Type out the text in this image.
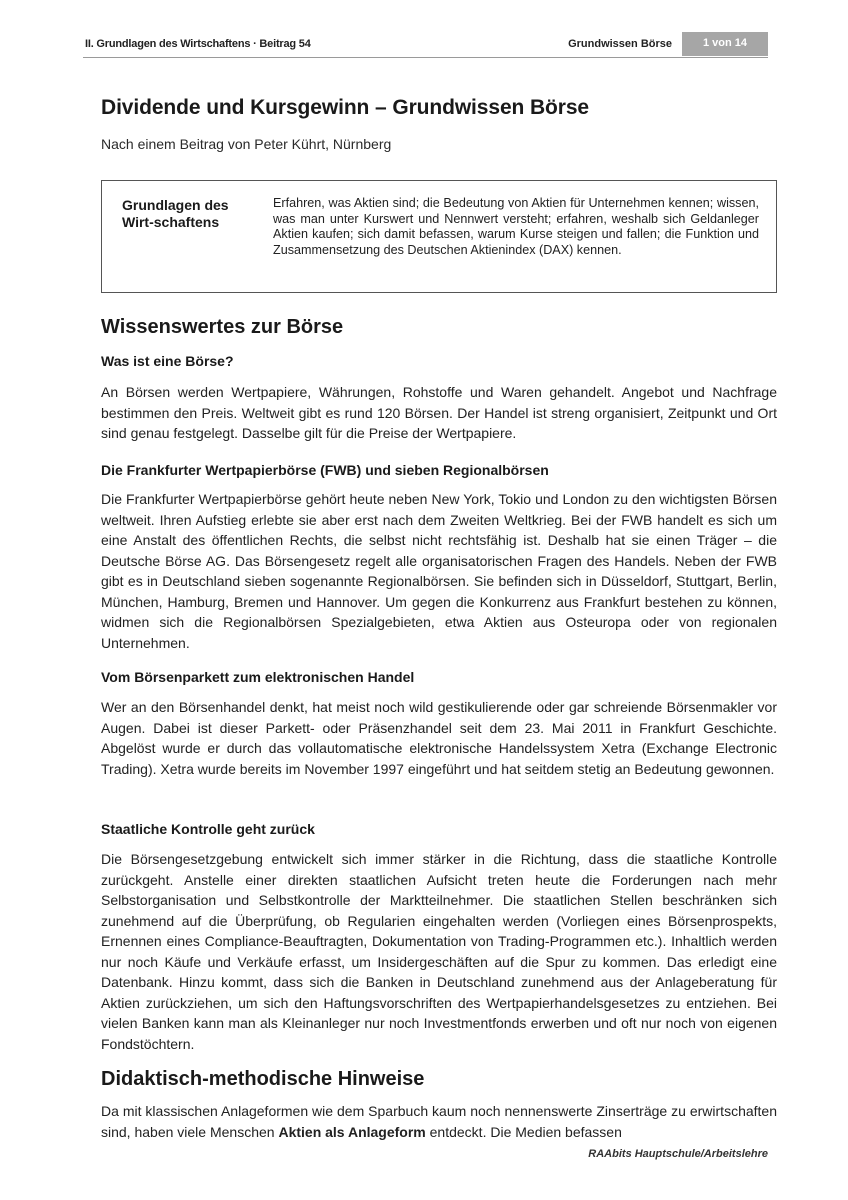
II. Grundlagen des Wirtschaftens · Beitrag 54	Grundwissen Börse	1 von 14
Dividende und Kursgewinn – Grundwissen Börse
Nach einem Beitrag von Peter Kührt, Nürnberg
Grundlagen des Wirt-schaftens
Erfahren, was Aktien sind; die Bedeutung von Aktien für Unternehmen kennen; wissen, was man unter Kurswert und Nennwert versteht; erfahren, weshalb sich Geldanleger Aktien kaufen; sich damit befassen, warum Kurse steigen und fallen; die Funktion und Zusammensetzung des Deutschen Aktienindex (DAX) kennen.
Wissenswertes zur Börse
Was ist eine Börse?

An Börsen werden Wertpapiere, Währungen, Rohstoffe und Waren gehandelt. Angebot und Nachfrage bestimmen den Preis. Weltweit gibt es rund 120 Börsen. Der Handel ist streng organisiert, Zeitpunkt und Ort sind genau festgelegt. Dasselbe gilt für die Preise der Wertpapiere.

Die Frankfurter Wertpapierbörse (FWB) und sieben Regionalbörsen

Die Frankfurter Wertpapierbörse gehört heute neben New York, Tokio und London zu den wichtigsten Börsen weltweit. Ihren Aufstieg erlebte sie aber erst nach dem Zweiten Weltkrieg. Bei der FWB handelt es sich um eine Anstalt des öffentlichen Rechts, die selbst nicht rechtsfähig ist. Deshalb hat sie einen Träger – die Deutsche Börse AG. Das Börsengesetz regelt alle organisatorischen Fragen des Handels. Neben der FWB gibt es in Deutschland sieben sogenannte Regionalbörsen. Sie befinden sich in Düsseldorf, Stuttgart, Berlin, München, Hamburg, Bremen und Hannover. Um gegen die Konkurrenz aus Frankfurt bestehen zu können, widmen sich die Regionalbörsen Spezialgebieten, etwa Aktien aus Osteuropa oder von regionalen Unternehmen.

Vom Börsenparkett zum elektronischen Handel

Wer an den Börsenhandel denkt, hat meist noch wild gestikulierende oder gar schreiende Börsenmakler vor Augen. Dabei ist dieser Parkett- oder Präsenzhandel seit dem 23. Mai 2011 in Frankfurt Geschichte. Abgelöst wurde er durch das vollautomatische elektronische Handelssystem Xetra (Exchange Electronic Trading). Xetra wurde bereits im November 1997 eingeführt und hat seitdem stetig an Bedeutung gewonnen.

Staatliche Kontrolle geht zurück

Die Börsengesetzgebung entwickelt sich immer stärker in die Richtung, dass die staatliche Kontrolle zurückgeht. Anstelle einer direkten staatlichen Aufsicht treten heute die Forderungen nach mehr Selbstorganisation und Selbstkontrolle der Marktteilnehmer. Die staatlichen Stellen beschränken sich zunehmend auf die Überprüfung, ob Regularien eingehalten werden (Vorliegen eines Börsenprospekts, Ernennen eines Compliance-Beauftragten, Dokumentation von Trading-Programmen etc.). Inhaltlich werden nur noch Käufe und Verkäufe erfasst, um Insidergeschäften auf die Spur zu kommen. Das erledigt eine Datenbank. Hinzu kommt, dass sich die Banken in Deutschland zunehmend aus der Anlageberatung für Aktien zurückziehen, um sich den Haftungsvorschriften des Wertpapierhandelsgesetzes zu entziehen. Bei vielen Banken kann man als Kleinanleger nur noch Investmentfonds erwerben und oft nur noch von eigenen Fondstöchtern.

Didaktisch-methodische Hinweise

Da mit klassischen Anlageformen wie dem Sparbuch kaum noch nennenswerte Zinserträge zu erwirtschaften sind, haben viele Menschen Aktien als Anlageform entdeckt. Die Medien befassen

RAAbits Hauptschule/Arbeitslehre
